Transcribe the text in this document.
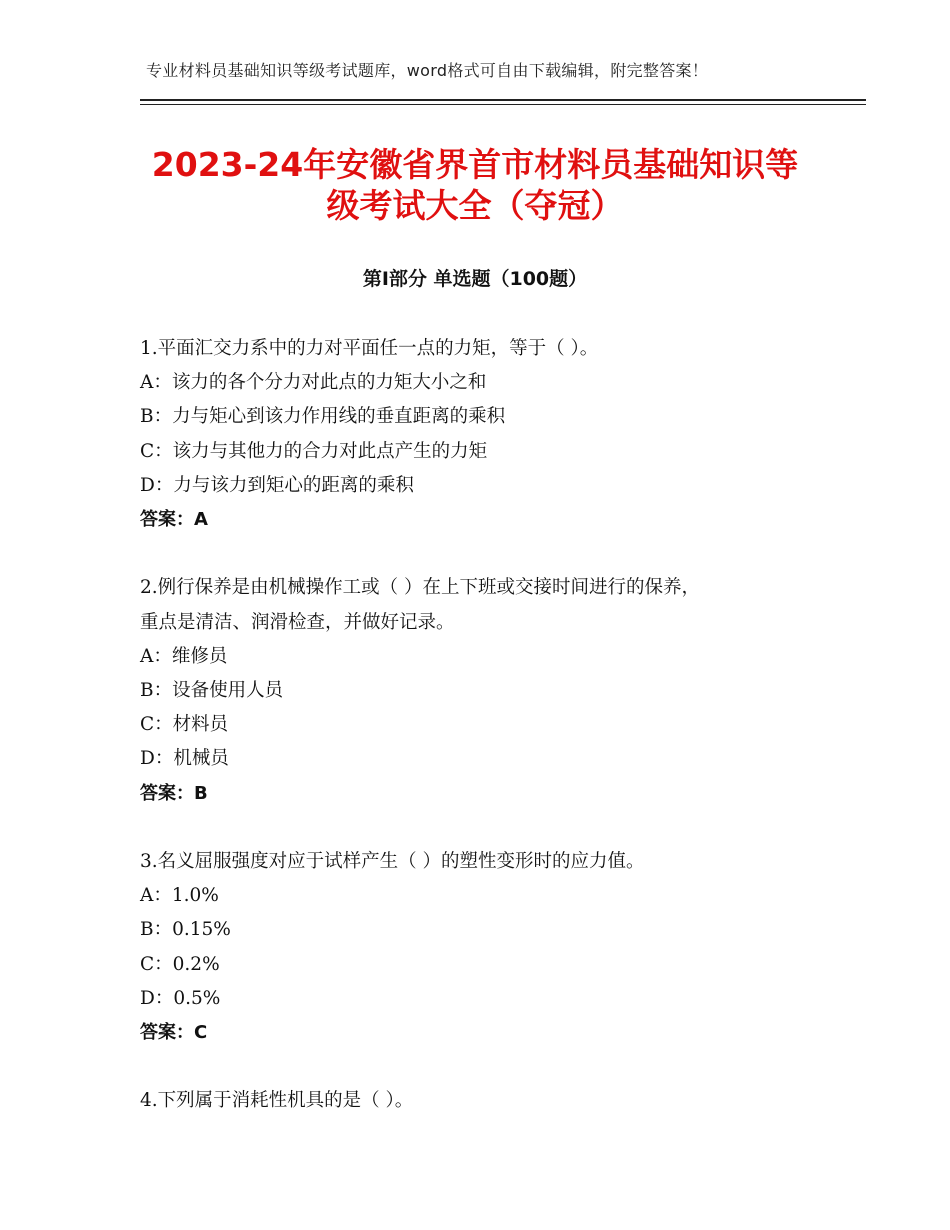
专业材料员基础知识等级考试题库，word格式可自由下载编辑，附完整答案！
2023-24年安徽省界首市材料员基础知识等
级考试大全（夺冠）
第Ⅰ部分 单选题（100题）
1.平面汇交力系中的力对平面任一点的力矩，等于（ ）。
A：该力的各个分力对此点的力矩大小之和
B：力与矩心到该力作用线的垂直距离的乘积
C：该力与其他力的合力对此点产生的力矩
D：力与该力到矩心的距离的乘积
答案：A
2.例行保养是由机械操作工或（ ）在上下班或交接时间进行的保养，
重点是清洁、润滑检查，并做好记录。
A：维修员
B：设备使用人员
C：材料员
D：机械员
答案：B
3.名义屈服强度对应于试样产生（ ）的塑性变形时的应力值。
A：1.0%
B：0.15%
C：0.2%
D：0.5%
答案：C
4.下列属于消耗性机具的是（ ）。
